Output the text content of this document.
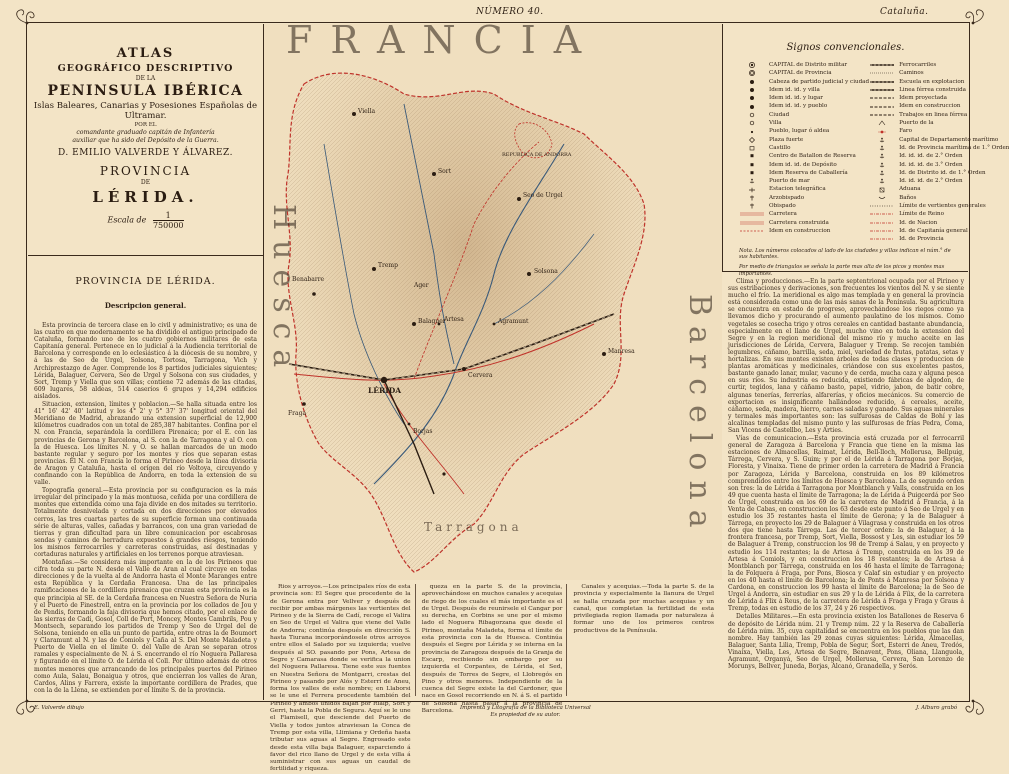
NÚMERO 40.	Cataluña.
ATLAS
GEOGRÁFICO DESCRIPTIVO
DE LA
PENINSULA IBÉRICA
Islas Baleares, Canarias y Posesiones Españolas de Ultramar.
POR EL
comandante graduado capitán de Infantería
auxiliar que ha sido del Depósito de la Guerra.
D. EMILIO VALVERDE Y ÁLVAREZ.
PROVINCIA
DE
LÉRIDA.
Escala de $\frac{1}{750000}$
PROVINCIA DE LÉRIDA.
Descripcion general.

Esta provincia de tercera clase en lo civil y administrativo; es una de las cuatro en que modernamente se ha dividido el antiguo principado de Cataluña, formando uno de los cuatro gobiernos militares de esta Capitanía general. Pertenece en lo judicial á la Audiencia territorial de Barcelona y corresponde en lo eclesiástico á la diócesis de su nombre, y á las de Seo de Urgel, Solsona, Tortosa, Tarragona, Vich y Archiprestazgo de Ager. Comprende los 8 partidos judiciales siguientes; Lérida, Balaguer, Cervera, Seo de Urgel y Solsona con sus ciudades, y Sort, Tremp y Viella que son villas; contiene 72 además de las citadas, 609 lugares, 58 aldeas, 514 caseríos 6 grupos y 14,294 edificios aislados.

Situacion, extension, límites y poblacion.—Se halla situada entre los 41° 16' 42' 40' latitud y los 4° 2' y 5° 37' 37' longitud oriental del Meridiano de Madrid, abrazando una extension superficial de 12,900 kilómetros cuadrados con un total de 285,387 habitantes. Confina por el N. con Francia, separándola la cordillera Pirenaica; por el E. con las provincias de Gerona y Barcelona, al S. con la de Tarragona y al O. con la de Huesca. Los límites N. y O. se hallan marcados de un modo bastante regular y seguro por los montes y ríos que separan estas provincias. El N. con Francia lo forma el Pirineo desde la línea divisoria de Aragon y Cataluña, hasta el orígen del río Voltoya, circuyendo y confinando con la República de Andorra, en toda la extension de su valle.

Topografía general.—Esta provincia por su configuracion es la más irregular del principado y la más montuosa, ceñida por una cordillera de montes que extendida como una faja divide en dos mitades su territorio. Totalmente desnivelada y cortada en dos direcciones por elevados cerros, las tres cuartas partes de su superficie forman una continuada série de alturas, valles, cañadas y barrancos, con una gran variedad de tierras y gran dificultad para un libre comunicacion por escabrosas sendas y caminos de herradura expuestos á grandes riesgos, teniendo los mismos ferrocarriles y carreteras construidas, así destinadas y cortaduras naturales y artificiales en los terrenos porque atraviesan.

Montañas.—Se considera más importante en la de los Pirineos que cifra toda su parte N. desde el Valle de Aran al cual circuye en todas direcciones y de la vuelta al de Andorra hasta el Monte Maranges entre esta República y la Cerdaña Francesa. Una de las principales ramificaciones de la cordillera pirenaica que cruzan esta provincia es la que principia al SE. de la Cerdaña francesa en Nuestra Señora de Nuria y el Puerto de Finestrell, entra en la provincia por los collados de Jou y de Pendis, formando la faja divisoria que hemos citado, por el enlace de las sierras de Cadí, Gosol, Coll de Port, Moncey, Montes Cambrils, Pou y Montsech, separando los partidos de Tremp y Seo de Urgel del de Solsona, teniendo en ella un punto de partida, entre otras la de Boumort y Claramunt al N. y las de Comiols y Caña al S. Del Monte Maladeta y Puerto de Viella en el límite O. del Valle de Aran se separan otros ramales y especialmente de N. á S. encerrando el río Noguera Pallaresa y figurando en el límite O. de Lérida el Coll. Por último además de otros montes menores que arrancando de los principales puertos del Pirineo como Aula, Salau, Bonaigua y otros, que encierran los valles de Aran, Cardos, Alins y Farrera, existe la importante cordillera de Prades, que con la de la Llena, se extienden por el límite S. de la provincia.

FRANCIA
Huesca
Barcelona
LÉRIDA
REPUBLICA DE ANDORRA
Benabarre
Fraga
Tremp
Balaguer
Cervera
Solsona
Seo de Urgel
Sort
Viella
Manresa
Tarragona
Ager
Artesa	Agramunt
Borjas
Signos convencionales.
CAPITAL de Distrito militar
CAPITAL de Provincia
Cabeza de partido judicial y ciudad
Idem id. id. y villa
Idem id. id. y lugar
Idem id. id. y pueblo
Ciudad
Villa
Pueblo, lugar ó aldea
Plaza fuerte
Castillo
Centro de Batallon de Reserva
Idem id. id. de Depósito
Idem Reserva de Caballería
Puerto de mar
Estacion telegráfica
Arzobispado
Obispado
Carretera
Carretera construida
Idem en construccion
Ferrocarriles
Caminos
Escuela en explotacion
Linea férrea construida
Idem proyectada
Idem en construccion
Trabajos en linea férrea
Puerto de la
Faro
Capital de Departamento marítimo
Id. de Provincia marítima de 1.° Orden
Id. id. id. de 2.° Orden
Id. id. id. de 3.° Orden
Id. de Distrito id. de 1.° Orden
Id. id. id. de 2.° Orden
Aduana
Baños
Límite de vertientes generales
Límite de Reino
Id. de Nacion
Id. de Capitanía general
Id. de Provincia
Nota. Los números colocados al lado de las ciudades y villas indican el núm.° de sus habitantes.
Por medio de triangulos se señala la parte mas alta de los picos y montes mas importantes.

Clima y producciones.—En la parte septentrional ocupada por el Pirineo y sus estribaciones y derivaciones, son frecuentes los vientos del N. y se siente mucho el frío. La meridional es algo mas templada y en general la provincia está considerada como una de las más sanas de la Península. Su agricultura se encuentra en estado de progreso, aprovechándose los riegos como ya llevamos dicho y procurando el aumento paulatino de los mismos. Como vegetales se cosecha trigo y otros cereales en cantidad bastante abundancia, especialmente en el llano de Urgel, mucho vino en toda la extension del Segre y en la region meridional del mismo río y mucho aceite en las jurisdicciones de Lérida, Cervera, Balaguer y Tremp. Se recojen también legumbres, cáñamo, barrilla, seda, miel, variedad de frutas, patatas, setas y hortalizas. En sus montes existen árboles de todas clases y produccion de plantas aromáticas y medicinales, criándose con sus excelentes pastos, bastante ganado lanar, mular, vacuno y de cerda, mucha caza y alguna pesca en sus ríos. Su industria es reducida, existiendo fábricas de algodon, de curtir, tegidos, lana y cáñamo basto, papel, vidrio, jabon, de batir cobre, algunas tenerías, ferrerías, alfarerías, y oficios mecánicos. Su comercio de exportacion es insignificante hallándose reducido, á cereales, aceite, cáñamo, seda, madera, hierro, carnes saladas y ganado. Sus aguas minerales y termales más importantes son: las sulfurosas de Caldas de Bohí y las alcalinas templadas del mismo punto y las sulfurosas de frías Pedra, Coma, San Vicens de Castellbo, Les y Arties.

Vías de comunicacion.—Esta provincia está cruzada por el ferrocarril general de Zaragoza á Barcelona y Francia que tiene en la misma las estaciones de Almacellas, Raimat, Lérida, Bell-lloch, Mollerusa, Bellpuig, Tárrega, Cervera, y S. Guim; y por el de Lérida á Tarragona por Borjas, Floresta, y Vinaixa. Tiene de primer orden la carretera de Madrid á Francia por Zaragoza, Lérida y Barcelona, construida en los 89 kilómetros comprendidos entre los límites de Huesca y Barcelona. La de segundo orden son tres: la de Lérida á Tarragona por Montblanch y Valls, construida en los 49 que cuenta hasta el límite de Tarragona; la de Lérida á Puigcerdá por Seo de Urgel, construida en los 69 de la carretera de Madrid á Francia, á la Venta de Cabas, en construccion los 63 desde este punto á Seo de Urgel y en estudio los 35 restantes hasta el límite de Gerona; y la de Balaguer á Tárrega, en proyecto los 29 de Balaguer á Vilagrasa y construida en los otros dos que tiene hasta Tárrega. Las de tercer orden: la de Balaguer, á la frontera francesa, por Tremp, Sort, Viella, Bossost y Les, sin estudiar los 59 de Balaguer á Tremp, construccion los 98 de Tremp á Salau, y en proyecto y estudio los 114 restantes; la de Artesa á Tremp, construida en los 39 de Artesa á Comiols, y en construccion los 18 restantes; la de Artesa á Montblanch por Tárrega, construida en los 46 hasta el límite de Tarragona; la de Folquera á Fraga, por Pons, Biosca y Calaf sin estudiar y en proyecto en los 40 hasta el límite de Barcelona; la de Ponts á Manresa por Solsona y Cardona, en construccion los 99 hasta el límite de Barcelona; la de Seo de Urgel á Andorra, sin estudiar en sus 29 y la de Lérida á Fíix, de la carretera de Lérida á Flix á Reus, de la carretera de Lérida á Fraga y Fraga y Graus á Tremp, todas en estudio de los 37, 24 y 26 respectivos.

Detalles Militares.—En esta provincia existen los Batallones de Reserva 6 de depósito de Lérida núm. 21 y Tremp núm. 22 y la Reserva de Caballería de Lérida núm. 35, cuya capitalidad se encuentra en los pueblos que las dan nombre. Hay también las 29 zonas cuyas siguientes: Lérida, Almacellas, Balaguer, Santa Lilia, Tremp, Pobla de Segur, Sort, Esterri de Aneu, Tredós, Vinaixa, Viella, Les, Artesa de Segre, Benavent, Pons, Oliana, Llanguola, Agramunt, Organyá, Seo de Urgel, Mollerusa, Cervera, San Lorenzo de Morunys, Bellver, Juneda, Borjas, Alcanó, Granadella, y Serós.

Rios y arroyos.—Los principales ríos de esta provincia son: El Segre que procedente de la de Gerona entra por Vellver y después de recibir por ambas márgenes las vertientes del Pirineo y de la Sierra de Cadí, recoge el Valira en Seo de Urgel el Valira que viene del Valle de Andorra; continúa después en dirección S. hasta Tiurana incorporándosele otros arroyos entre ellos el Salado por su izquierda; vuelve después al SO. pasando por Pons, Artesa de Segre y Camarasa donde se verifica la union del Noguera Pallaresa. Tiene este sus fuentes en Nuestra Señora de Montgarri, crestas del Pirineo y pasando por Alós y Esterri de Aneu, forma los valles de este nombre; en Llaborsi se le une el Ferrera procedente también del Pirineo y ambos unidos bajan por Rialp, Sort y Gerri, hasta la Pobla de Segura. Aquí se le une el Flamisell, que desciende del Puerto de Viella y todos juntos atraviesan la Conca de Tremp por esta villa, Llimiana y Ordeña hasta tributar sus aguas al Segre. Engrosado este desde esta villa baja Balaguer, esparciendo á favor del rico llano de Urgel y de esta villa á suministrar con sus aguas un caudal de fertilidad y riqueza.

queza en la parte S. de la provincia, aprovechándose en muchos canales y acequias de riego de los cuales el más importante es el de Urgel. Después de reunirsele el Cangar por su derecha, en Corbins se une por el mismo lado el Noguera Ribagorzana que desde el Pirineo, montaña Maladeta, forma el límite de esta provincia con la de Huesca. Continúa después el Segre por Lérida y se interna en la provincia de Zaragoza después de la Granja de Escarp, recibiendo sin embargo por su izquierda el Corpantes, de Lérida, el Sed, después de Torres de Segre, el Llobregós en Pino y otros menores. Independiente de la cuenca del Segre existe la del Cardoner, que nace en Gosol recorriendo en N. á S. el partido de Solsona hasta pasar á la provincia de Barcelona.

Canales y acequias.—Toda la parte S. de la provincia y especialmente la llanura de Urgel se halla cruzada por muchas acequias y un canal, que completan la fertilidad de esta privilegiada region llamada por naturaleza á formar uno de los primeros centros productivos de la Península.

E. Valverde dibujo	Imprenta y Litografía de la Biblioteca Universal
Es propiedad de su autor.
J. Alburo grabó
